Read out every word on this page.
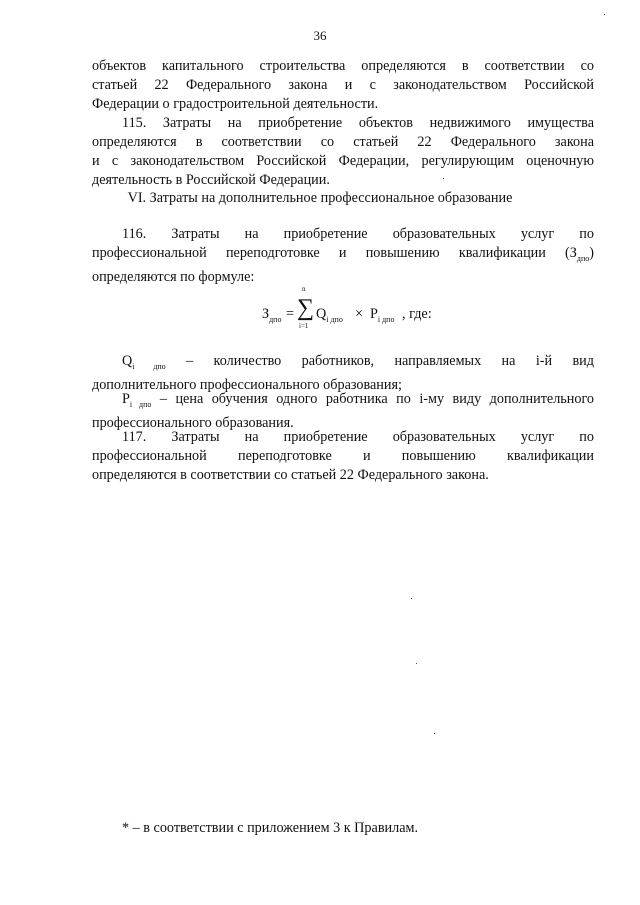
36
объектов капитального строительства определяются в соответствии со
статьей 22 Федерального закона и с законодательством Российской
Федерации о градостроительной деятельности.
115. Затраты на приобретение объектов недвижимого имущества
определяются в соответствии со статьей 22 Федерального закона
и с законодательством Российской Федерации, регулирующим оценочную
деятельность в Российской Федерации.
VI. Затраты на дополнительное профессиональное образование
116. Затраты на приобретение образовательных услуг по
профессиональной переподготовке и повышению квалификации $(З_{дпо})$
определяются по формуле:
$З_{дпо}$ =
n
∑
i=1
$Q_{i дпо} \times P_{i дпо}$ , где:
$Q_{i дпо}$ – количество работников, направляемых на i-й вид
дополнительного профессионального образования;
$P_{i дпо}$ – цена обучения одного работника по i-му виду дополнительного
профессионального образования.
117. Затраты на приобретение образовательных услуг по
профессиональной переподготовке и повышению квалификации
определяются в соответствии со статьей 22 Федерального закона.
* – в соответствии с приложением 3 к Правилам.
